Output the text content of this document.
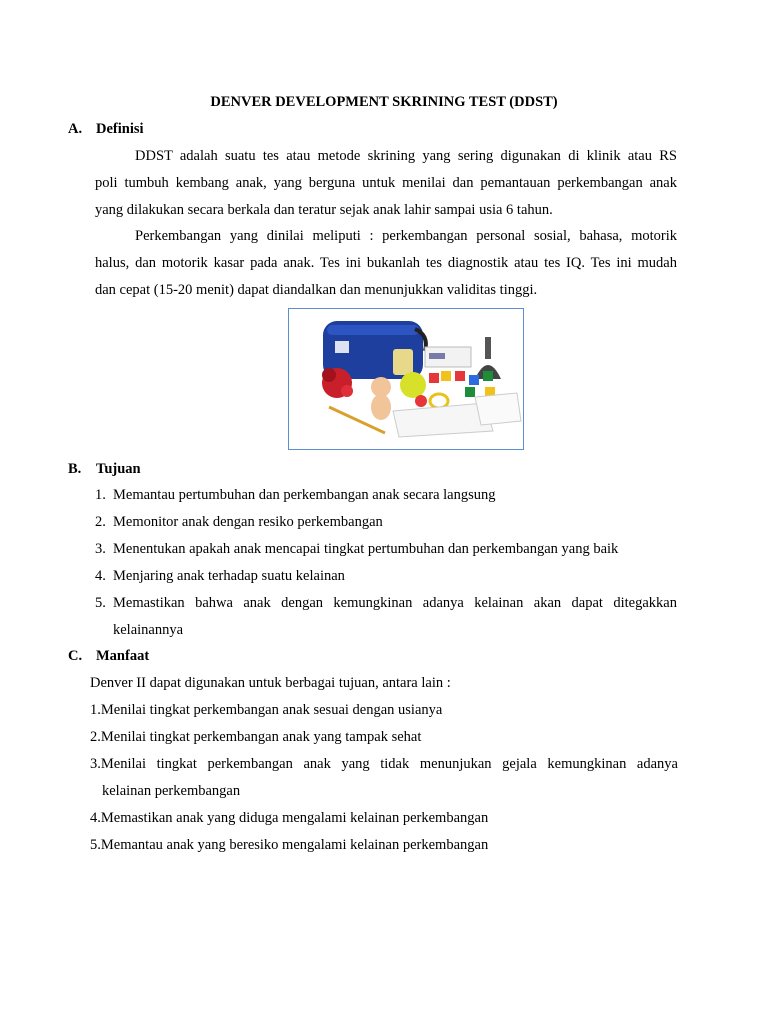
DENVER DEVELOPMENT SKRINING TEST (DDST)
A. Definisi
DDST adalah suatu tes atau metode skrining yang sering digunakan di klinik atau RS
poli tumbuh kembang anak, yang berguna untuk menilai dan pemantauan perkembangan anak
yang dilakukan secara berkala dan teratur sejak anak lahir sampai usia 6 tahun.
Perkembangan yang dinilai meliputi : perkembangan personal sosial, bahasa, motorik
halus, dan motorik kasar pada anak. Tes ini bukanlah tes diagnostik atau tes IQ. Tes ini mudah
dan cepat (15-20 menit) dapat diandalkan dan menunjukkan validitas tinggi.
B. Tujuan
1. Memantau pertumbuhan dan perkembangan anak secara langsung
2. Memonitor anak dengan resiko perkembangan
3. Menentukan apakah anak mencapai tingkat pertumbuhan dan perkembangan yang baik
4. Menjaring anak terhadap suatu kelainan
5. Memastikan bahwa anak dengan kemungkinan adanya kelainan akan dapat ditegakkan
kelainannya
C. Manfaat
Denver II dapat digunakan untuk berbagai tujuan, antara lain :
1.Menilai tingkat perkembangan anak sesuai dengan usianya
2.Menilai tingkat perkembangan anak yang tampak sehat
3.Menilai tingkat perkembangan anak yang tidak menunjukan gejala kemungkinan adanya
kelainan perkembangan
4.Memastikan anak yang diduga mengalami kelainan perkembangan
5.Memantau anak yang beresiko mengalami kelainan perkembangan
